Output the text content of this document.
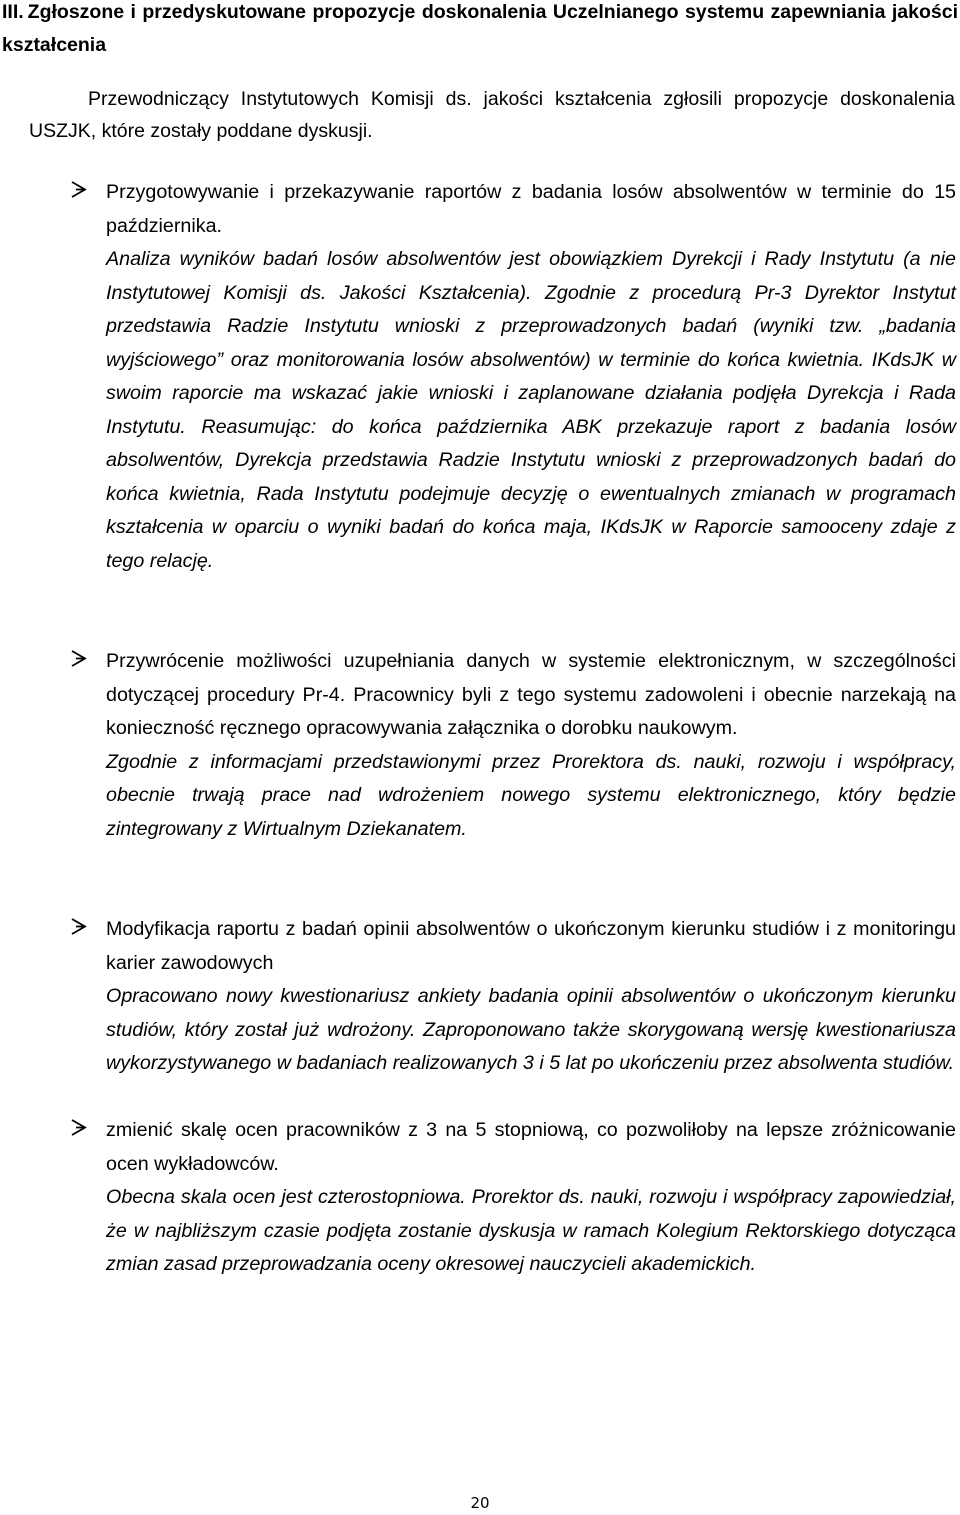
III. Zgłoszone i przedyskutowane propozycje doskonalenia Uczelnianego systemu zapewniania jakości kształcenia

Przewodniczący Instytutowych Komisji ds. jakości kształcenia zgłosili propozycje doskonalenia USZJK, które zostały poddane dyskusji.

Przygotowywanie i przekazywanie raportów z badania losów absolwentów w terminie do 15 października.
Analiza wyników badań losów absolwentów jest obowiązkiem Dyrekcji i Rady Instytutu (a nie Instytutowej Komisji ds. Jakości Kształcenia). Zgodnie z procedurą Pr-3 Dyrektor Instytut przedstawia Radzie Instytutu wnioski z przeprowadzonych badań (wyniki tzw. „badania wyjściowego” oraz monitorowania losów absolwentów) w terminie do końca kwietnia. IKdsJK w swoim raporcie ma wskazać jakie wnioski i zaplanowane działania podjęła Dyrekcja i Rada Instytutu. Reasumując: do końca października ABK przekazuje raport z badania losów absolwentów, Dyrekcja przedstawia Radzie Instytutu wnioski z przeprowadzonych badań do końca kwietnia, Rada Instytutu podejmuje decyzję o ewentualnych zmianach w programach kształcenia w oparciu o wyniki badań do końca maja, IKdsJK w Raporcie samooceny zdaje z tego relację.
Przywrócenie możliwości uzupełniania danych w systemie elektronicznym, w szczególności dotyczącej procedury Pr-4. Pracownicy byli z tego systemu zadowoleni i obecnie narzekają na konieczność ręcznego opracowywania załącznika o dorobku naukowym.
Zgodnie z informacjami przedstawionymi przez Prorektora ds. nauki, rozwoju i współpracy, obecnie trwają prace nad wdrożeniem nowego systemu elektronicznego, który będzie zintegrowany z Wirtualnym Dziekanatem.
Modyfikacja raportu z badań opinii absolwentów o ukończonym kierunku studiów i z monitoringu karier zawodowych
Opracowano nowy kwestionariusz ankiety badania opinii absolwentów o ukończonym kierunku studiów, który został już wdrożony. Zaproponowano także skorygowaną wersję kwestionariusza wykorzystywanego w badaniach realizowanych 3 i 5 lat po ukończeniu przez absolwenta studiów.
zmienić skalę ocen pracowników z 3 na 5 stopniową, co pozwoliłoby na lepsze zróżnicowanie ocen wykładowców.
Obecna skala ocen jest czterostopniowa. Prorektor ds. nauki, rozwoju i współpracy zapowiedział, że w najbliższym czasie podjęta zostanie dyskusja w ramach Kolegium Rektorskiego dotycząca zmian zasad przeprowadzania oceny okresowej nauczycieli akademickich.
20
